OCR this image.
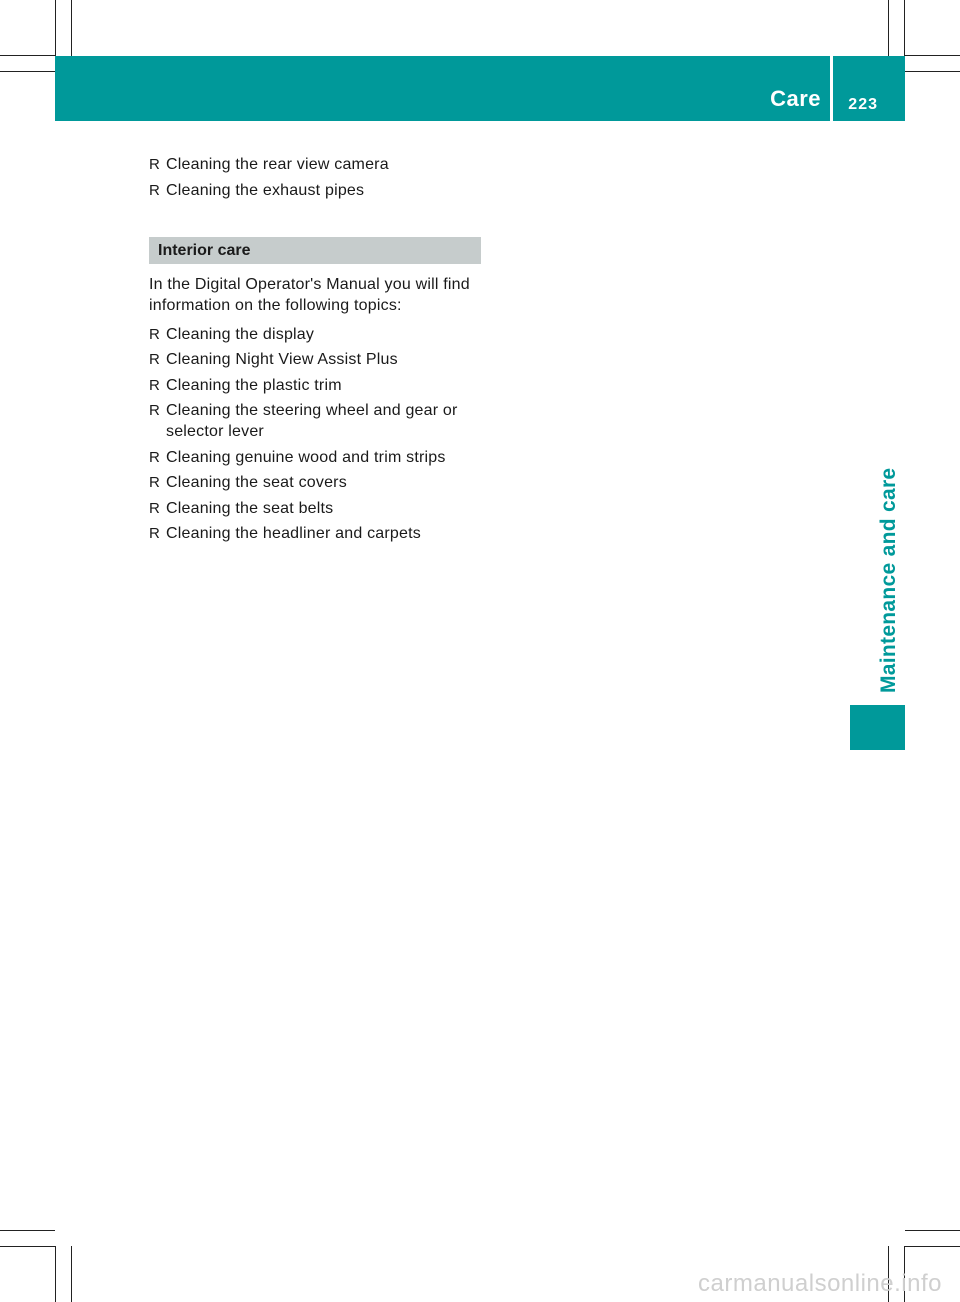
Care 223
R Cleaning the rear view camera
R Cleaning the exhaust pipes
Interior care

In the Digital Operator's Manual you will find information on the following topics:

R Cleaning the display
R Cleaning Night View Assist Plus
R Cleaning the plastic trim
R Cleaning the steering wheel and gear or selector lever
R Cleaning genuine wood and trim strips
R Cleaning the seat covers
R Cleaning the seat belts
R Cleaning the headliner and carpets	Maintenance and care
carmanualsonline.info
